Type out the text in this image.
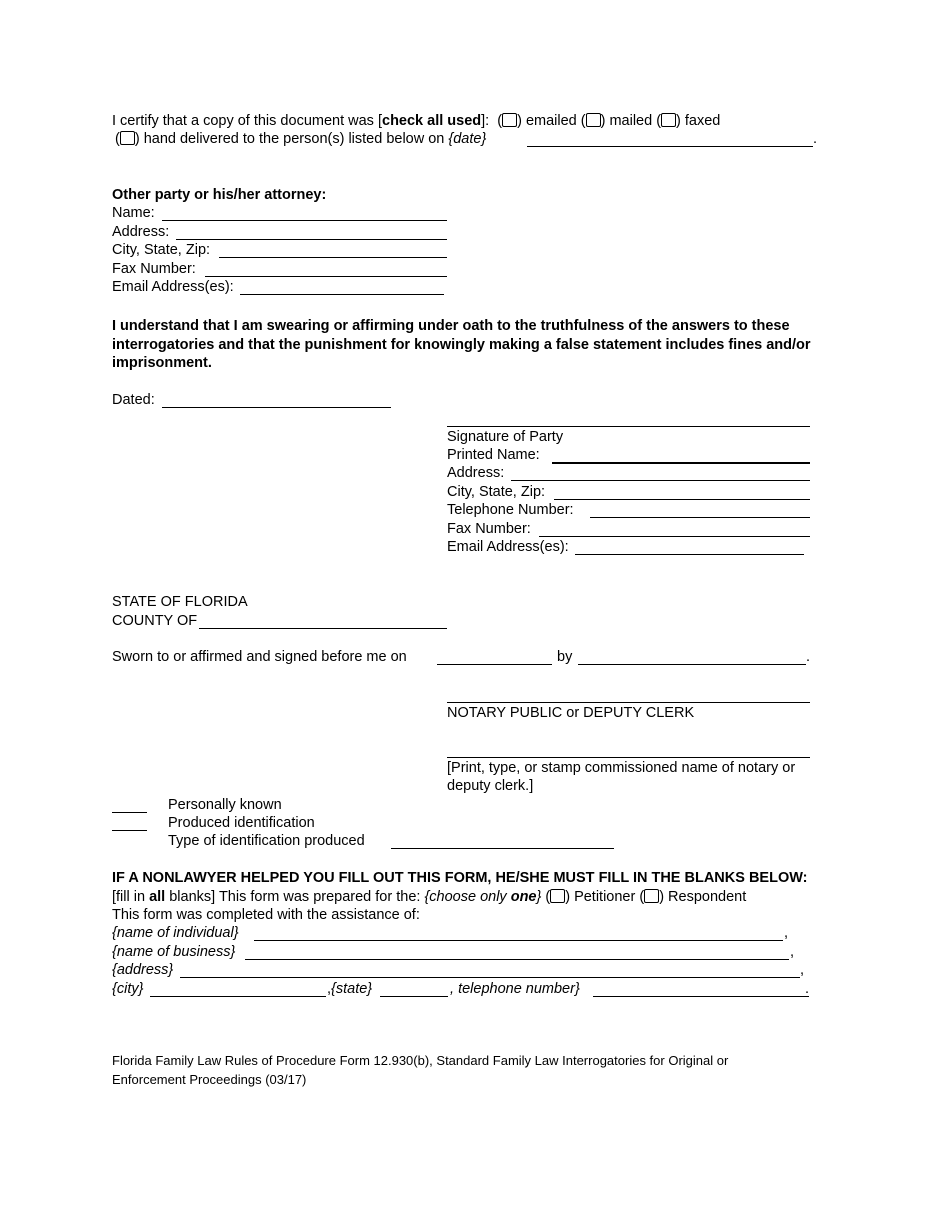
I certify that a copy of this document was [check all used]:  ( ) emailed ( ) mailed ( ) faxed
( ) hand delivered to the person(s) listed below on {date}	.
Other party or his/her attorney:
Name:
Address:
City, State, Zip:
Fax Number:
Email Address(es):
I understand that I am swearing or affirming under oath to the truthfulness of the answers to these
interrogatories and that the punishment for knowingly making a false statement includes fines and/or
imprisonment.
Dated:
Signature of Party
Printed Name:
Address:
City, State, Zip:
Telephone Number:
Fax Number:
Email Address(es):
STATE OF FLORIDA
COUNTY OF
Sworn to or affirmed and signed before me on	by	.
NOTARY PUBLIC or DEPUTY CLERK
[Print, type, or stamp commissioned name of notary or
deputy clerk.]
Personally known
Produced identification
Type of identification produced
IF A NONLAWYER HELPED YOU FILL OUT THIS FORM, HE/SHE MUST FILL IN THE BLANKS BELOW:
[fill in all blanks] This form was prepared for the: {choose only one} ( ) Petitioner ( ) Respondent
This form was completed with the assistance of:
{name of individual}	,
{name of business}	,
{address}	,
{city}	,{state}	, telephone number}	.
Florida Family Law Rules of Procedure Form 12.930(b), Standard Family Law Interrogatories for Original or
Enforcement Proceedings (03/17)
